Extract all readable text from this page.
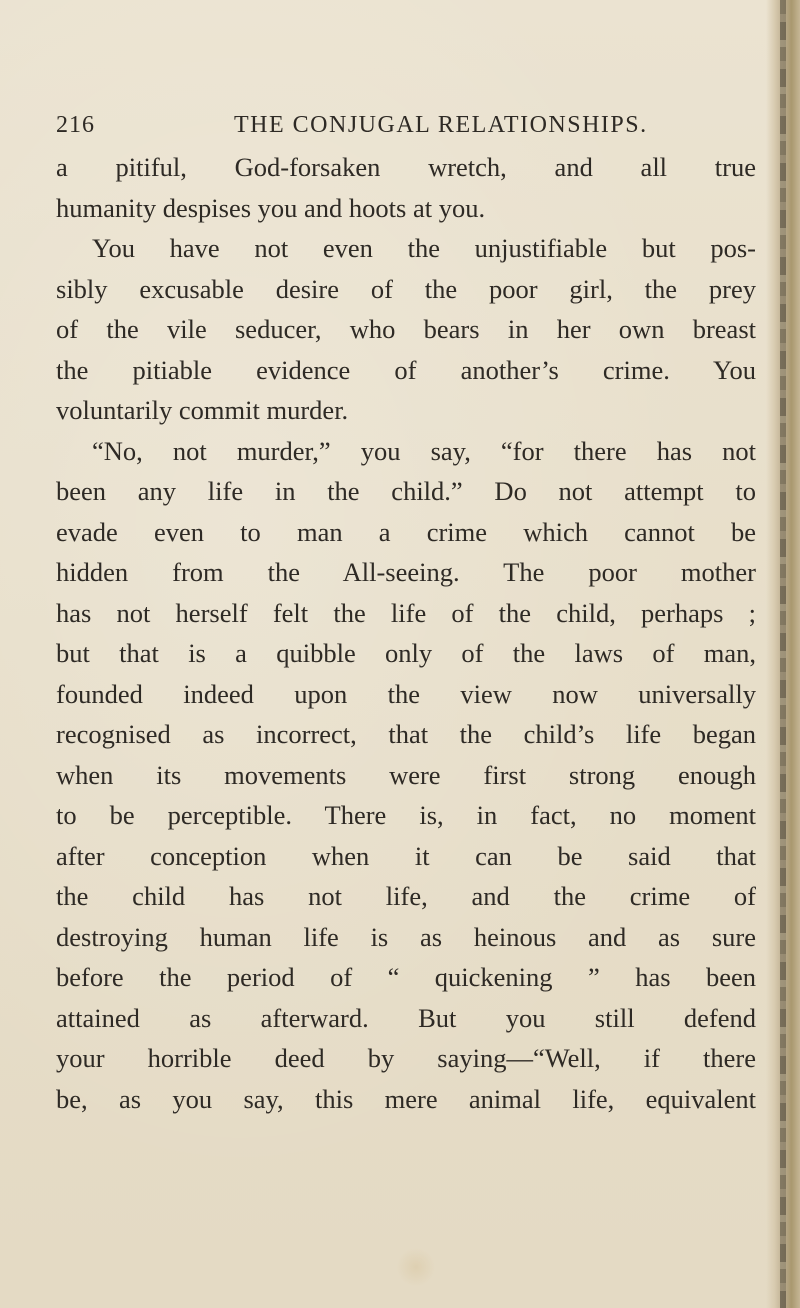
216	THE CONJUGAL RELATIONSHIPS.
a pitiful, God-forsaken wretch, and all true
humanity despises you and hoots at you.
You have not even the unjustifiable but pos-
sibly excusable desire of the poor girl, the prey
of the vile seducer, who bears in her own breast
the pitiable evidence of another’s crime. You
voluntarily commit murder.
“No, not murder,” you say, “for there has not
been any life in the child.” Do not attempt to
evade even to man a crime which cannot be
hidden from the All-seeing. The poor mother
has not herself felt the life of the child, perhaps ;
but that is a quibble only of the laws of man,
founded indeed upon the view now universally
recognised as incorrect, that the child’s life began
when its movements were first strong enough
to be perceptible. There is, in fact, no moment
after conception when it can be said that
the child has not life, and the crime of
destroying human life is as heinous and as sure
before the period of “ quickening ” has been
attained as afterward. But you still defend
your horrible deed by saying—“Well, if there
be, as you say, this mere animal life, equivalent
